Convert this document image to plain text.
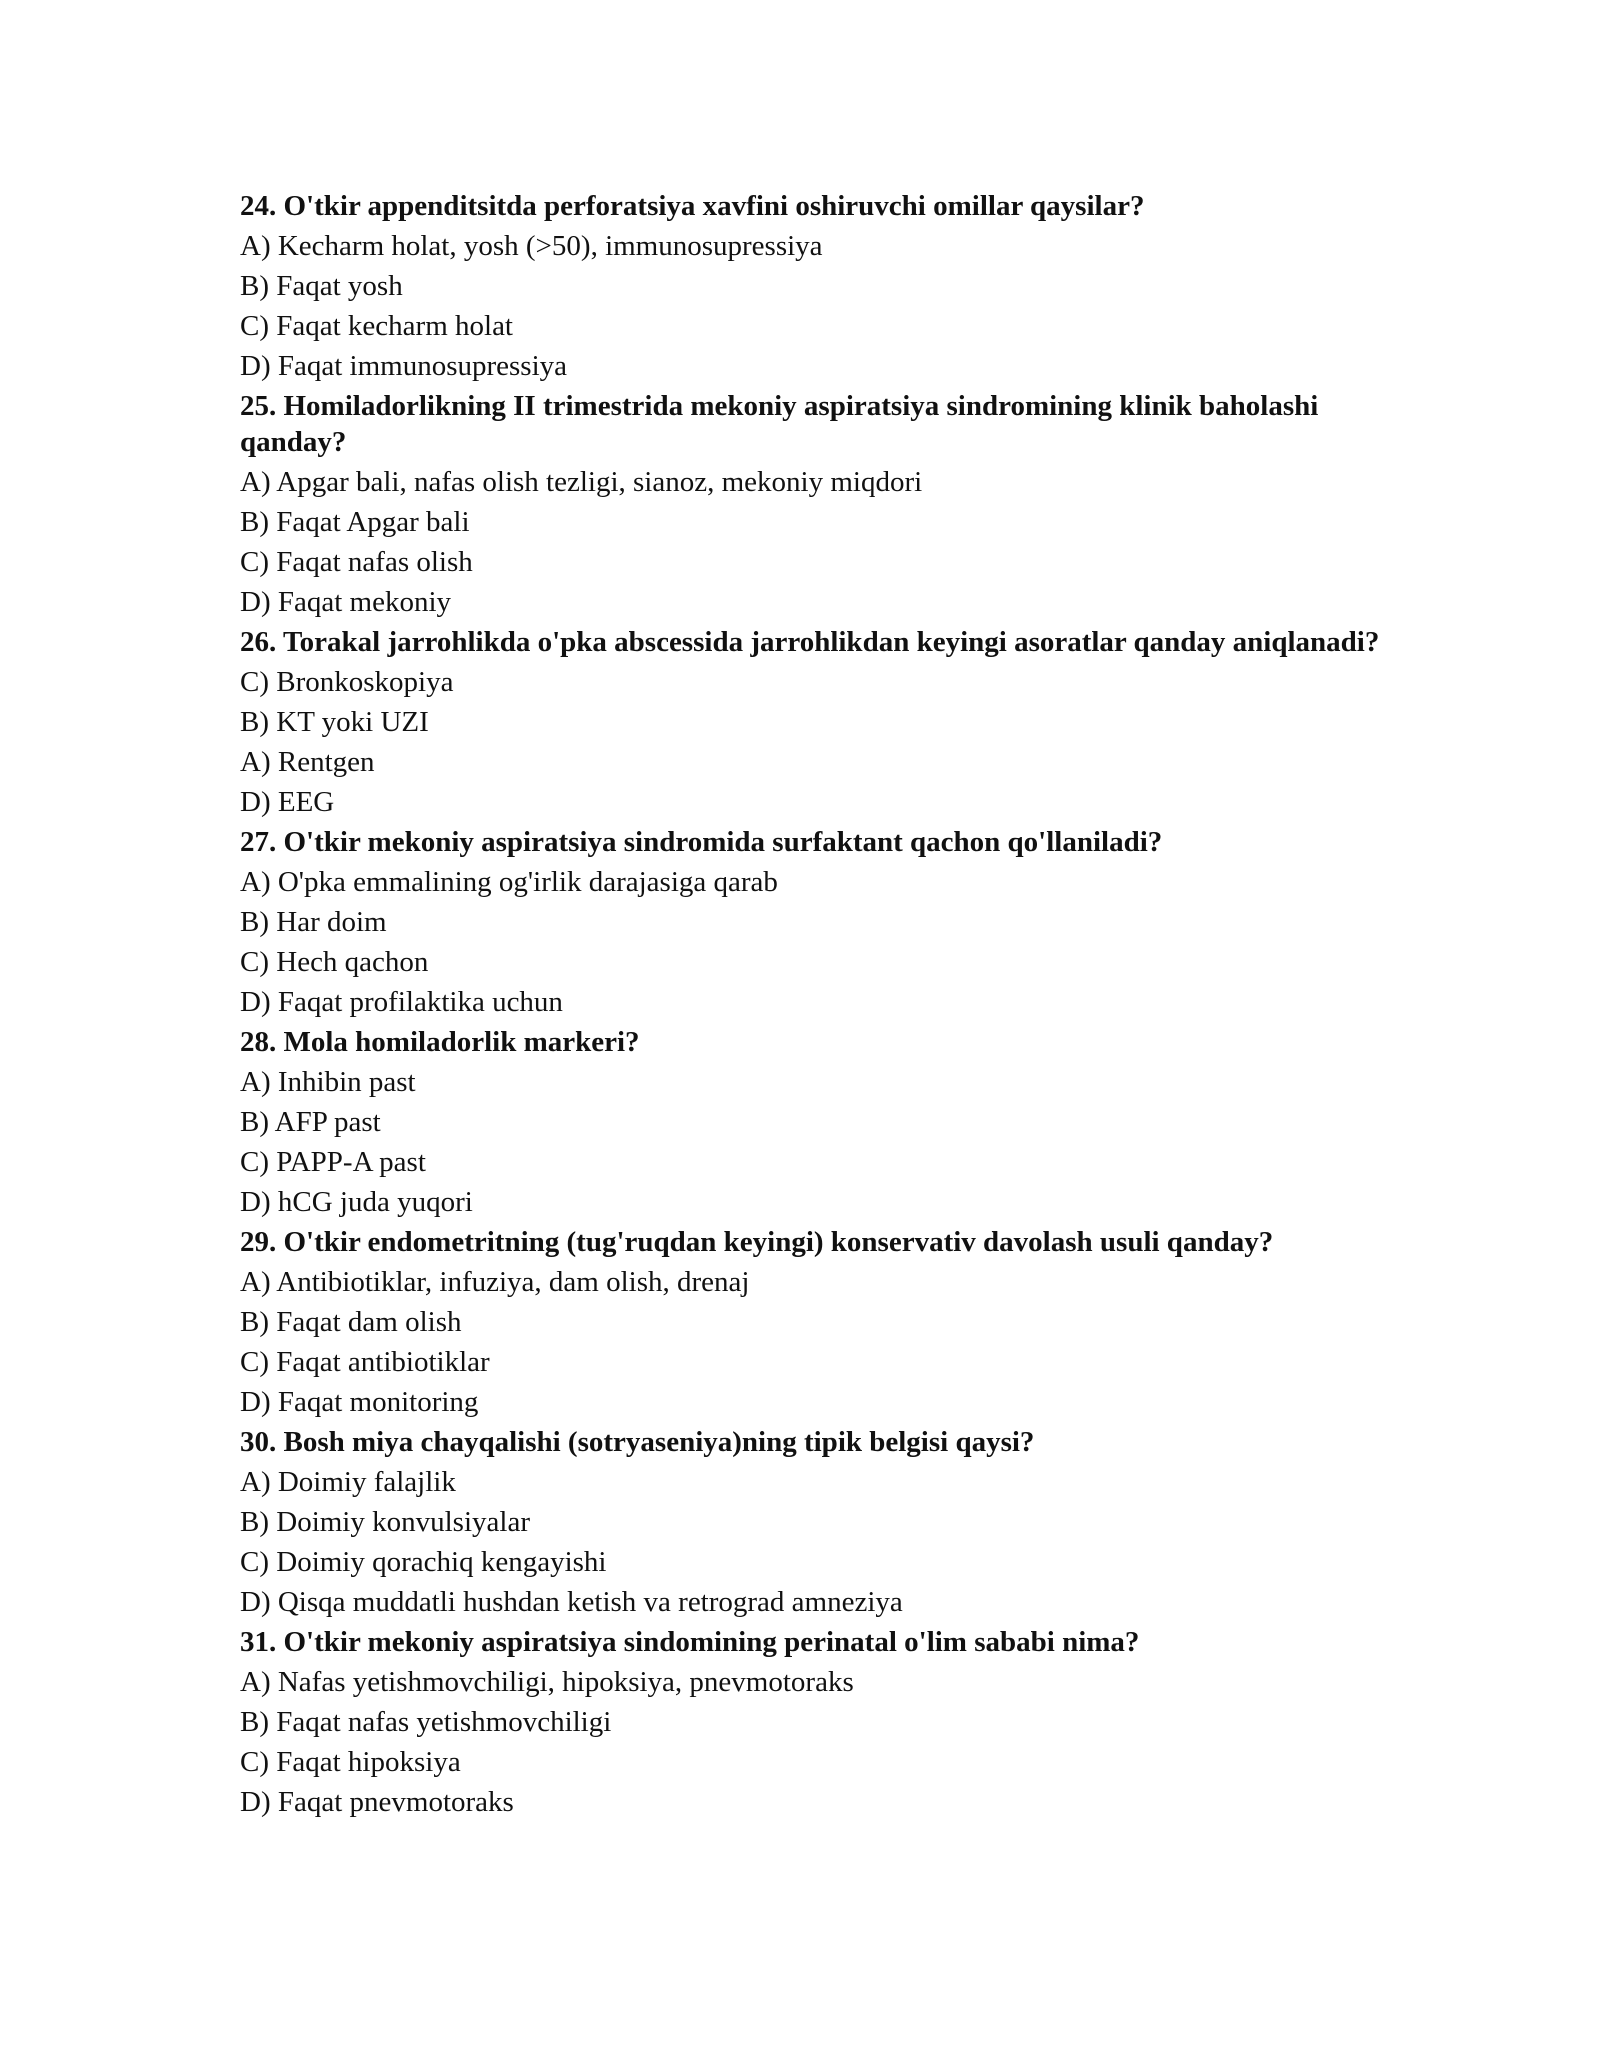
24. O'tkir appenditsitda perforatsiya xavfini oshiruvchi omillar qaysilar?
A) Kecharm holat, yosh (>50), immunosupressiya
B) Faqat yosh
C) Faqat kecharm holat
D) Faqat immunosupressiya
25. Homiladorlikning II trimestrida mekoniy aspiratsiya sindromining klinik baholashi qanday?
A) Apgar bali, nafas olish tezligi, sianoz, mekoniy miqdori
B) Faqat Apgar bali
C) Faqat nafas olish
D) Faqat mekoniy
26. Torakal jarrohlikda o'pka abscessida jarrohlikdan keyingi asoratlar qanday aniqlanadi?
C) Bronkoskopiya
B) KT yoki UZI
A) Rentgen
D) EEG
27. O'tkir mekoniy aspiratsiya sindromida surfaktant qachon qo'llaniladi?
A) O'pka emmalining og'irlik darajasiga qarab
B) Har doim
C) Hech qachon
D) Faqat profilaktika uchun
28. Mola homiladorlik markeri?
A) Inhibin past
B) AFP past
C) PAPP-A past
D) hCG juda yuqori
29. O'tkir endometritning (tug'ruqdan keyingi) konservativ davolash usuli qanday?
A) Antibiotiklar, infuziya, dam olish, drenaj
B) Faqat dam olish
C) Faqat antibiotiklar
D) Faqat monitoring
30. Bosh miya chayqalishi (sotryaseniya)ning tipik belgisi qaysi?
A) Doimiy falajlik
B) Doimiy konvulsiyalar
C) Doimiy qorachiq kengayishi
D) Qisqa muddatli hushdan ketish va retrograd amneziya
31. O'tkir mekoniy aspiratsiya sindomining perinatal o'lim sababi nima?
A) Nafas yetishmovchiligi, hipoksiya, pnevmotoraks
B) Faqat nafas yetishmovchiligi
C) Faqat hipoksiya
D) Faqat pnevmotoraks
